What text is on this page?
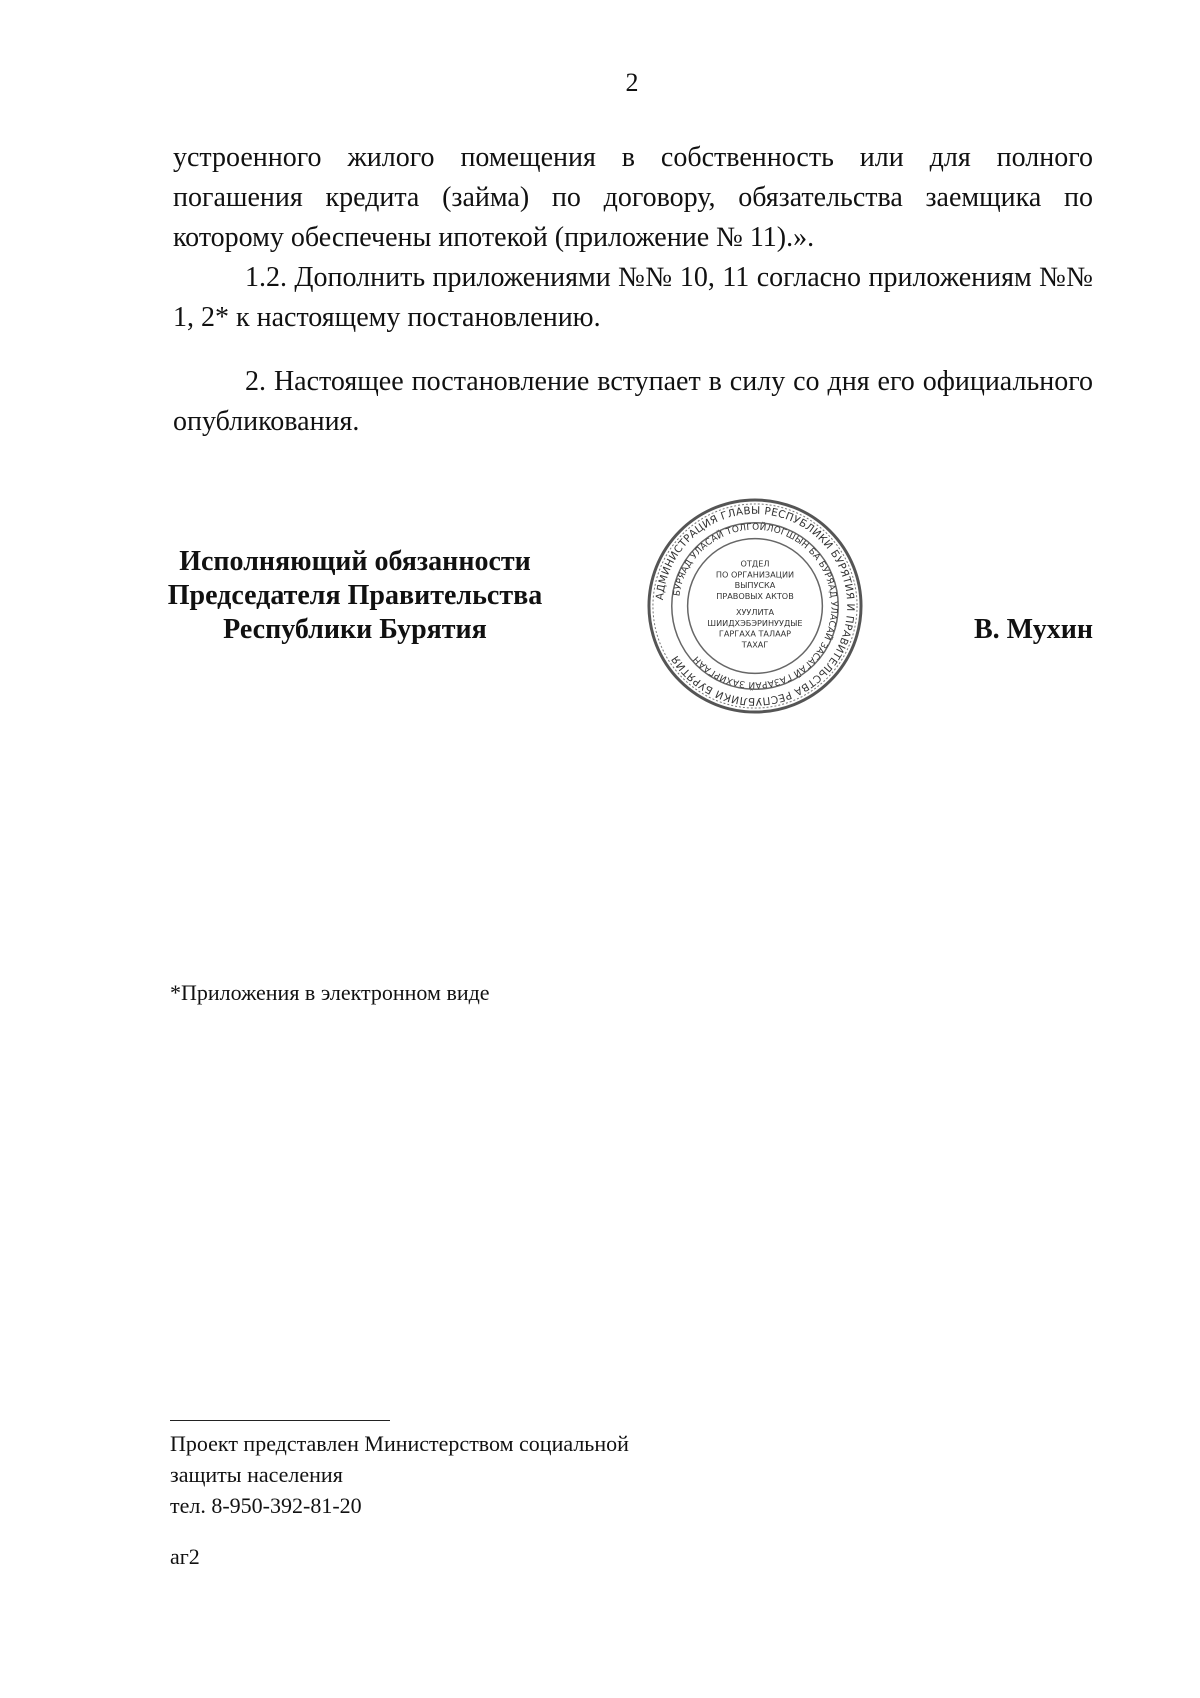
2

устроенного жилого помещения в собственность или для полного погашения кредита (займа) по договору, обязательства заемщика по которому обеспечены ипотекой (приложение № 11).».

1.2. Дополнить приложениями №№ 10, 11 согласно приложениям №№ 1, 2* к настоящему постановлению.

2. Настоящее постановление вступает в силу со дня его официального опубликования.

Исполняющий обязанности
Председателя Правительства
Республики Бурятия
АДМИНИСТРАЦИЯ ГЛАВЫ РЕСПУБЛИКИ БУРЯТИЯ И ПРАВИТЕЛЬСТВА РЕСПУБЛИКИ БУРЯТИЯ
БУРЯАД УЛАСАЙ ТОЛГОЙЛОГШЫН БА БУРЯАД УЛАСАЙ ЗАСАГАЙ ГАЗАРАЙ ЗАХИРГААН
ОТДЕЛ
ПО ОРГАНИЗАЦИИ
ВЫПУСКА
ПРАВОВЫХ АКТОВ
ХУУЛИТА
ШИИДХЭБЭРИНУУДЫЕ
ГАРГАХА ТАЛААР
ТАХАГ	В. Мухин
*Приложения в электронном виде
Проект представлен Министерством социальной
защиты населения
тел. 8-950-392-81-20
аг2
